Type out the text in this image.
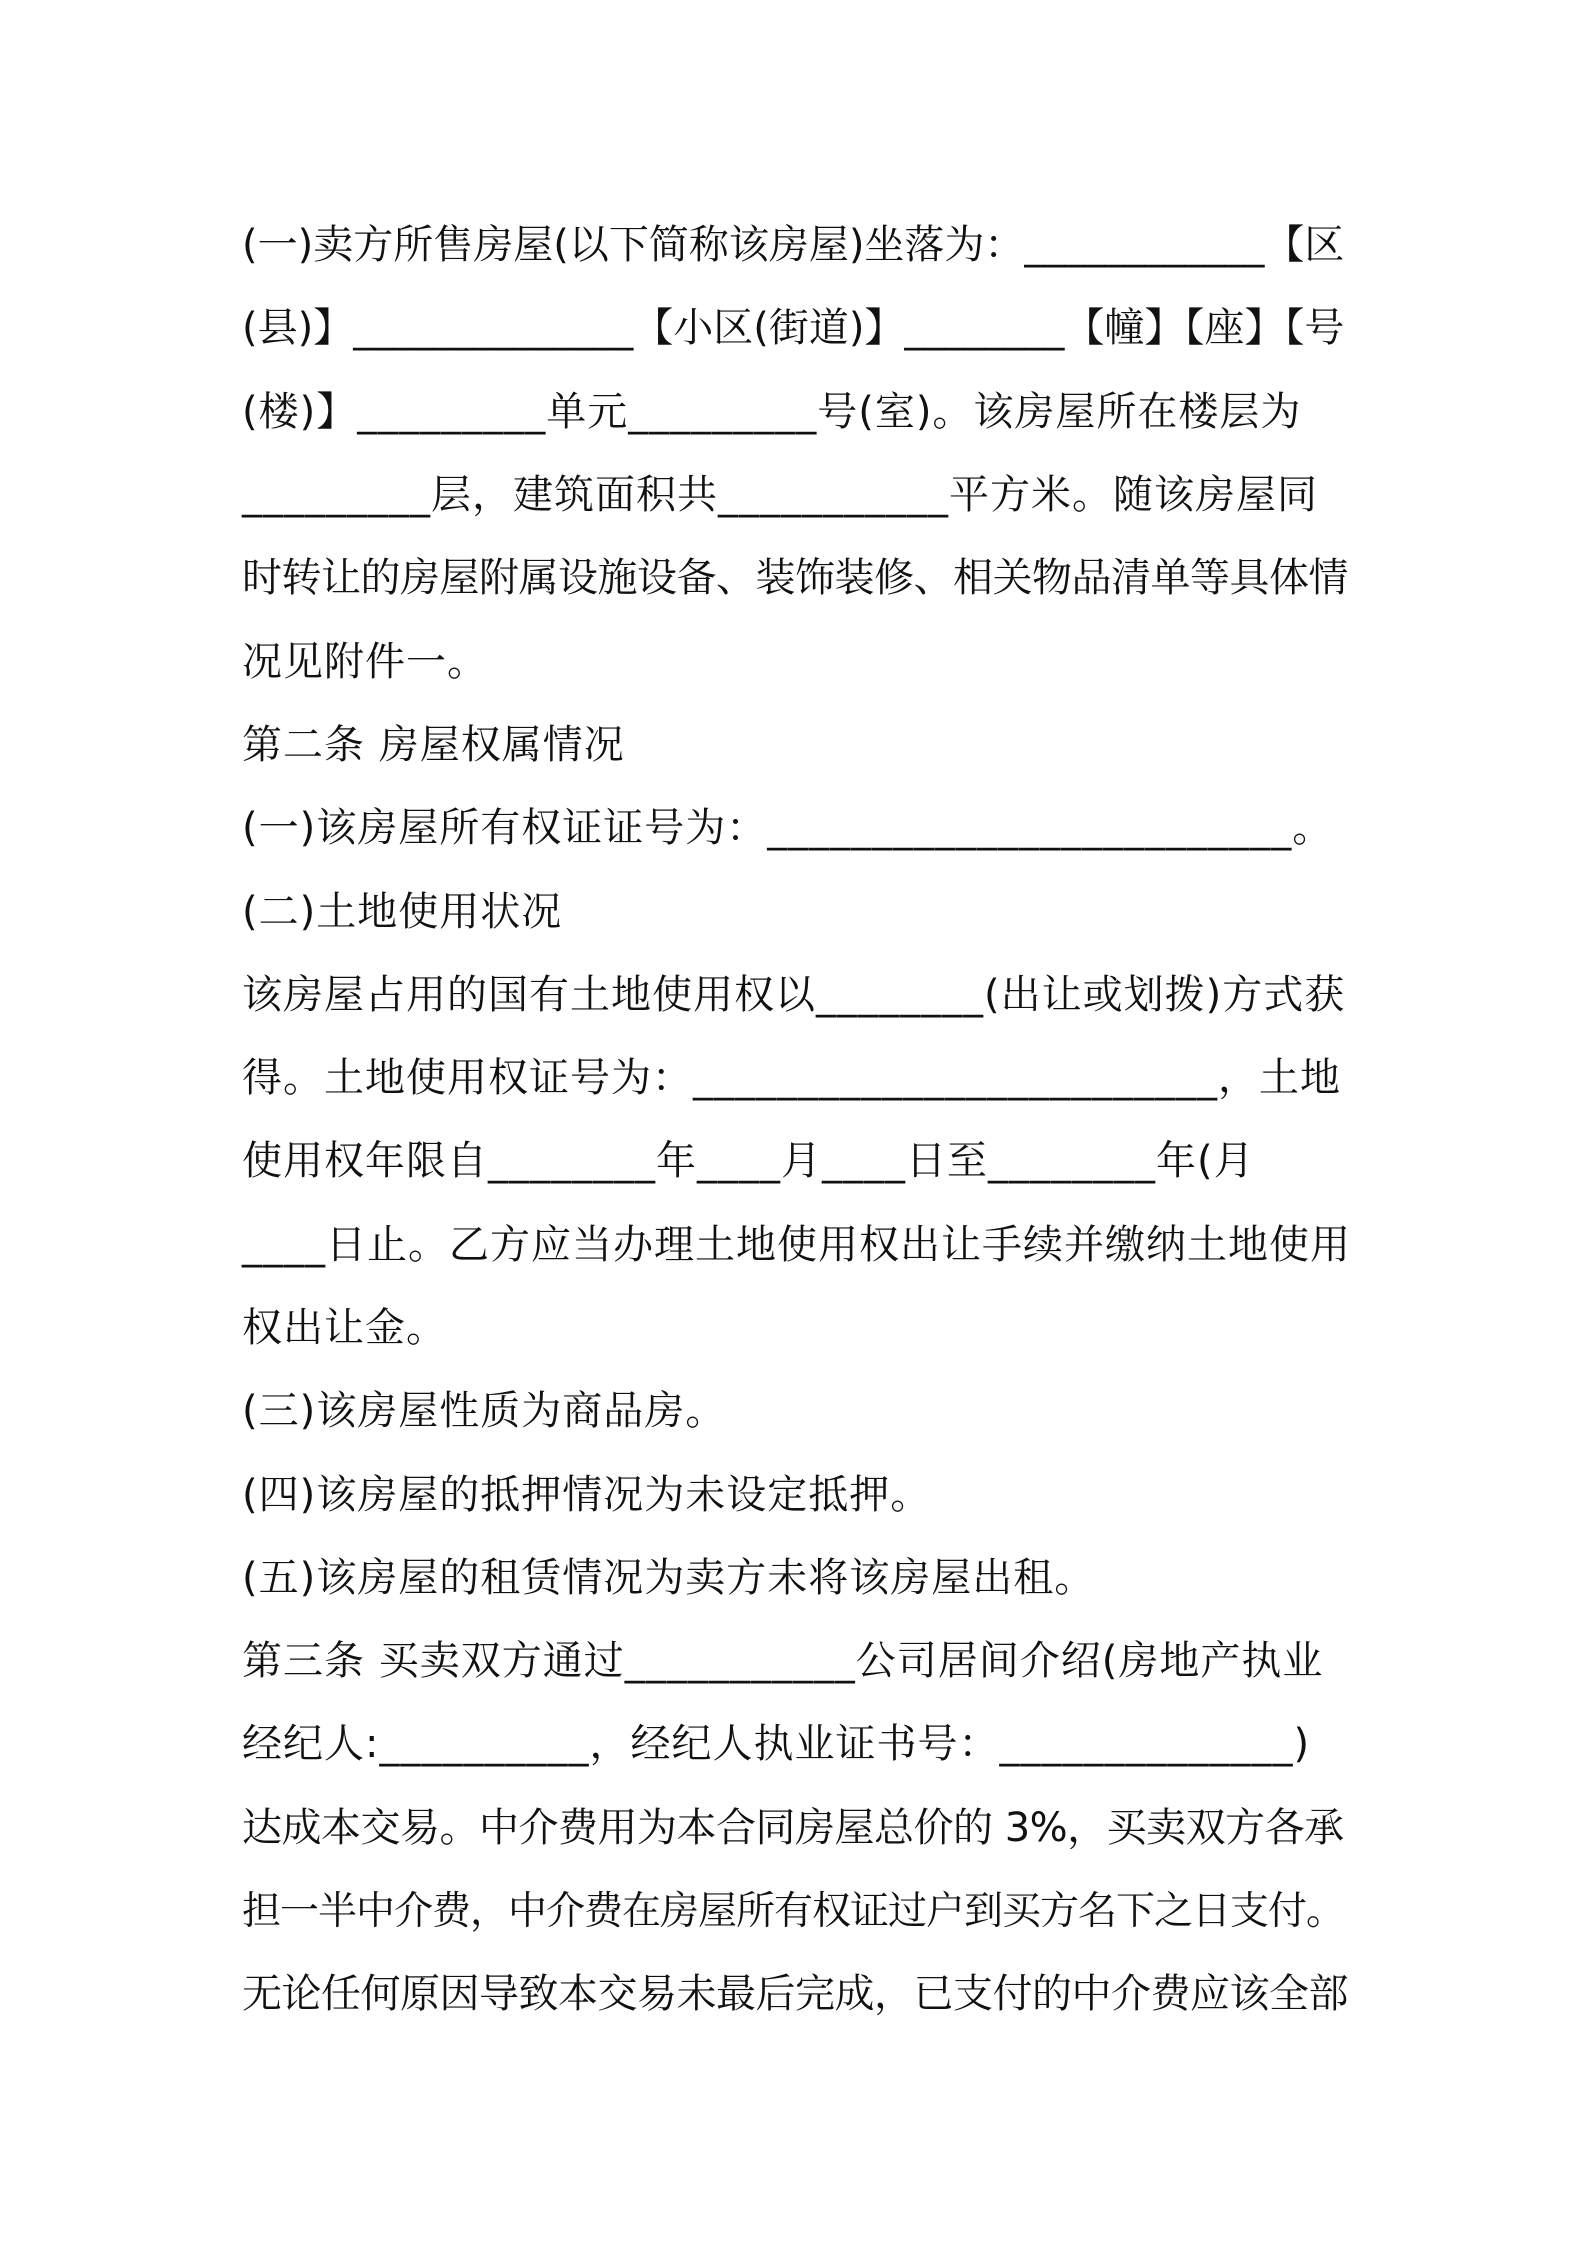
(一)卖方所售房屋(以下简称该房屋)坐落为：____________【区
(县)】______________【小区(街道)】________【幢】【座】【号
(楼)】_________单元_________号(室)。该房屋所在楼层为
_________层，建筑面积共___________平方米。随该房屋同
时转让的房屋附属设施设备、装饰装修、相关物品清单等具体情
况见附件一。
第二条 房屋权属情况
(一)该房屋所有权证证号为：_________________________。
(二)土地使用状况
该房屋占用的国有土地使用权以________(出让或划拨)方式获
得。土地使用权证号为：_________________________，土地
使用权年限自________年____月____日至________年(月
____日止。乙方应当办理土地使用权出让手续并缴纳土地使用
权出让金。
(三)该房屋性质为商品房。
(四)该房屋的抵押情况为未设定抵押。
(五)该房屋的租赁情况为卖方未将该房屋出租。
第三条 买卖双方通过___________公司居间介绍(房地产执业
经纪人:__________，经纪人执业证书号：______________)
达成本交易。中介费用为本合同房屋总价的 3%，买卖双方各承
担一半中介费，中介费在房屋所有权证过户到买方名下之日支付。
无论任何原因导致本交易未最后完成，已支付的中介费应该全部
